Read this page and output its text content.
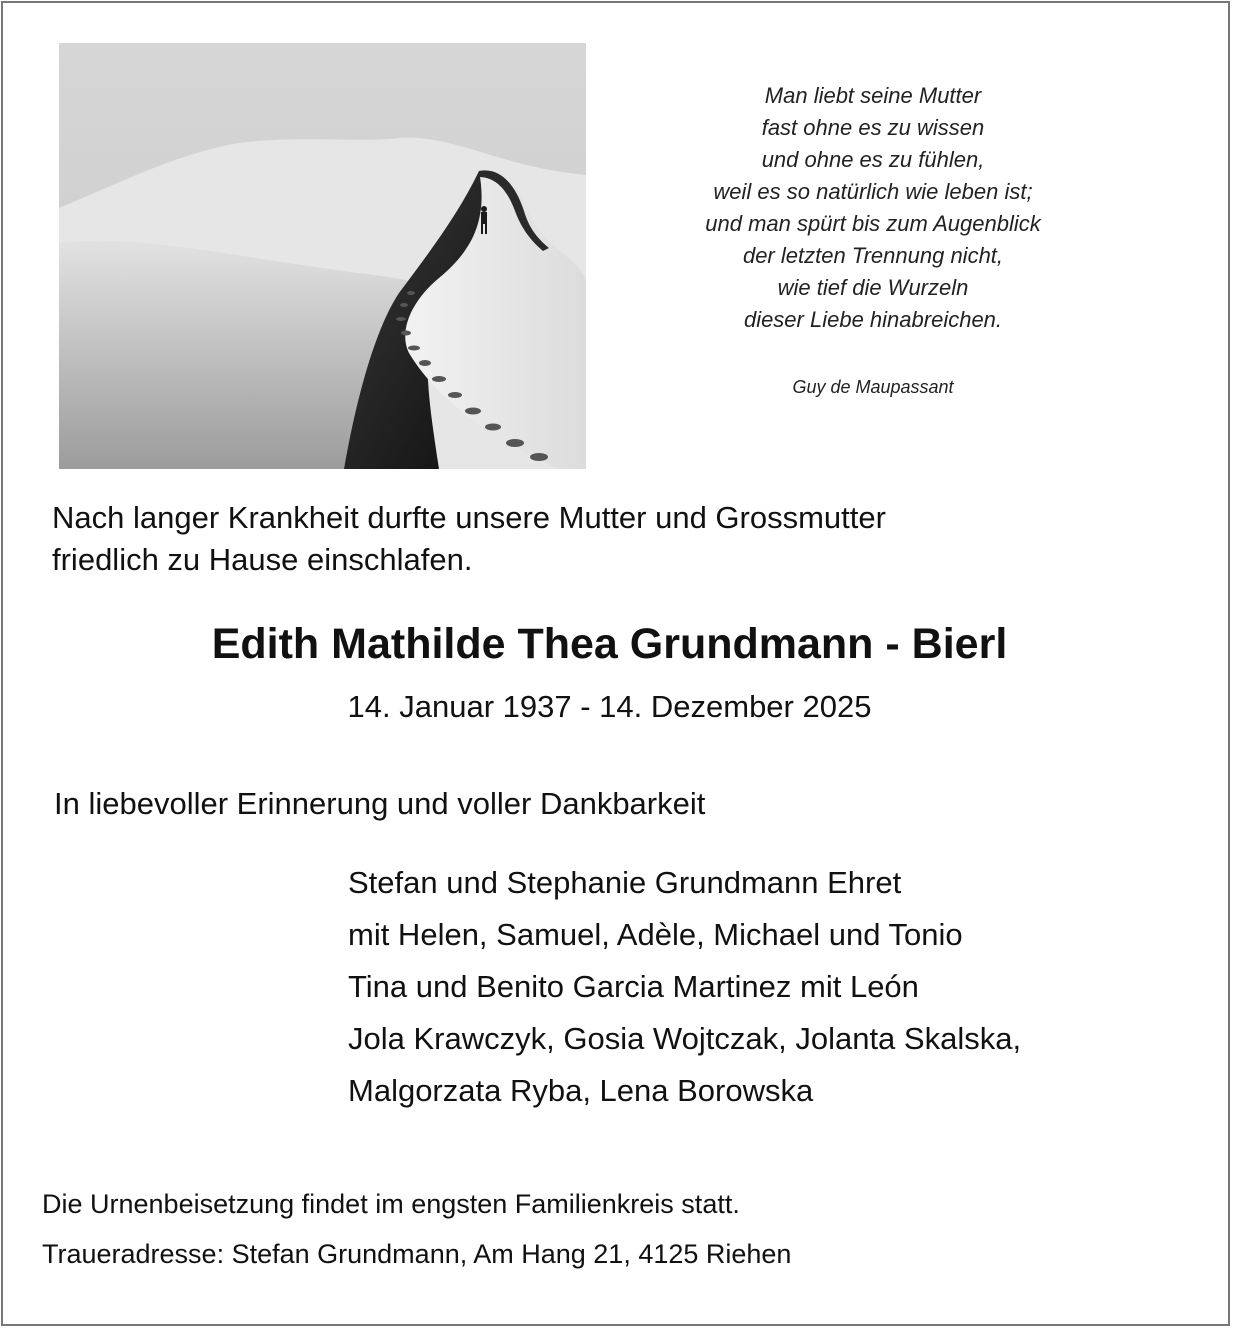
Man liebt seine Mutter
fast ohne es zu wissen
und ohne es zu fühlen,
weil es so natürlich wie leben ist;
und man spürt bis zum Augenblick
der letzten Trennung nicht,
wie tief die Wurzeln
dieser Liebe hinabreichen.
Guy de Maupassant
Nach langer Krankheit durfte unsere Mutter und Grossmutter
friedlich zu Hause einschlafen.
Edith Mathilde Thea Grundmann - Bierl
14. Januar 1937 - 14. Dezember 2025
In liebevoller Erinnerung und voller Dankbarkeit
Stefan und Stephanie Grundmann Ehret
mit Helen, Samuel, Adèle, Michael und Tonio
Tina und Benito Garcia Martinez mit León
Jola Krawczyk, Gosia Wojtczak, Jolanta Skalska,
Malgorzata Ryba, Lena Borowska
Die Urnenbeisetzung findet im engsten Familienkreis statt.
Traueradresse: Stefan Grundmann, Am Hang 21, 4125 Riehen
